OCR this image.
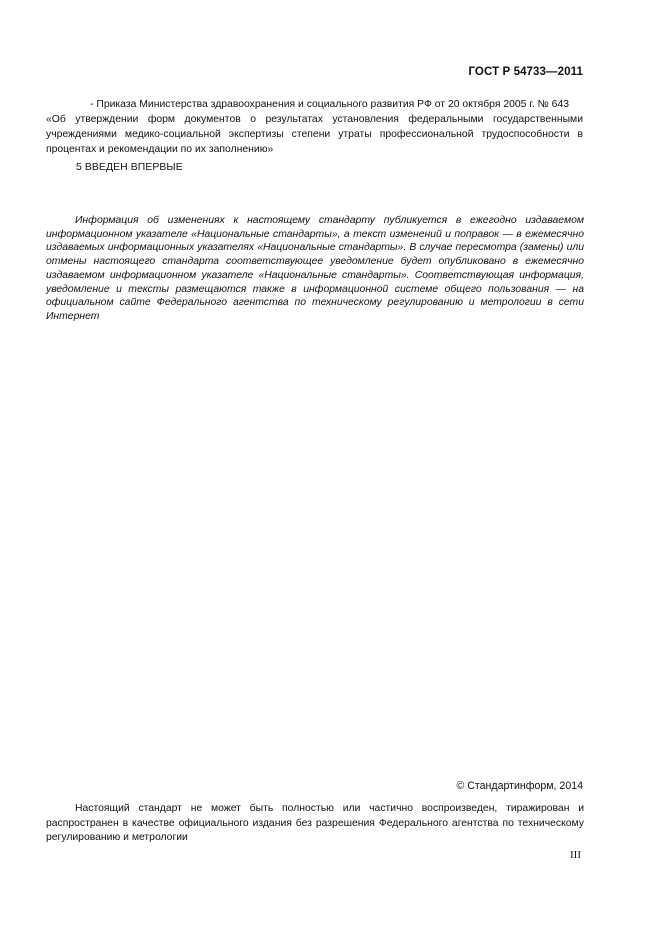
ГОСТ Р 54733—2011

- Приказа Министерства здравоохранения и социального развития РФ от 20 октября 2005 г. № 643

«Об утверждении форм документов о результатах установления федеральными государственными учреждениями медико-социальной экспертизы степени утраты профессиональной трудоспособности в процентах и рекомендации по их заполнению»

5 ВВЕДЕН ВПЕРВЫЕ
Информация об изменениях к настоящему стандарту публикуется в ежегодно издаваемом информационном указателе «Национальные стандарты», а текст изменений и поправок — в ежемесячно издаваемых информационных указателях «Национальные стандарты». В случае пересмотра (замены) или отмены настоящего стандарта соответствующее уведомление будет опубликовано в ежемесячно издаваемом информационном указателе «Национальные стандарты». Соответствующая информация, уведомление и тексты размещаются также в информационной системе общего пользования — на официальном сайте Федерального агентства по техническому регулированию и метрологии в сети Интернет
© Стандартинформ, 2014
Настоящий стандарт не может быть полностью или частично воспроизведен, тиражирован и распространен в качестве официального издания без разрешения Федерального агентства по техническому регулированию и метрологии
III
